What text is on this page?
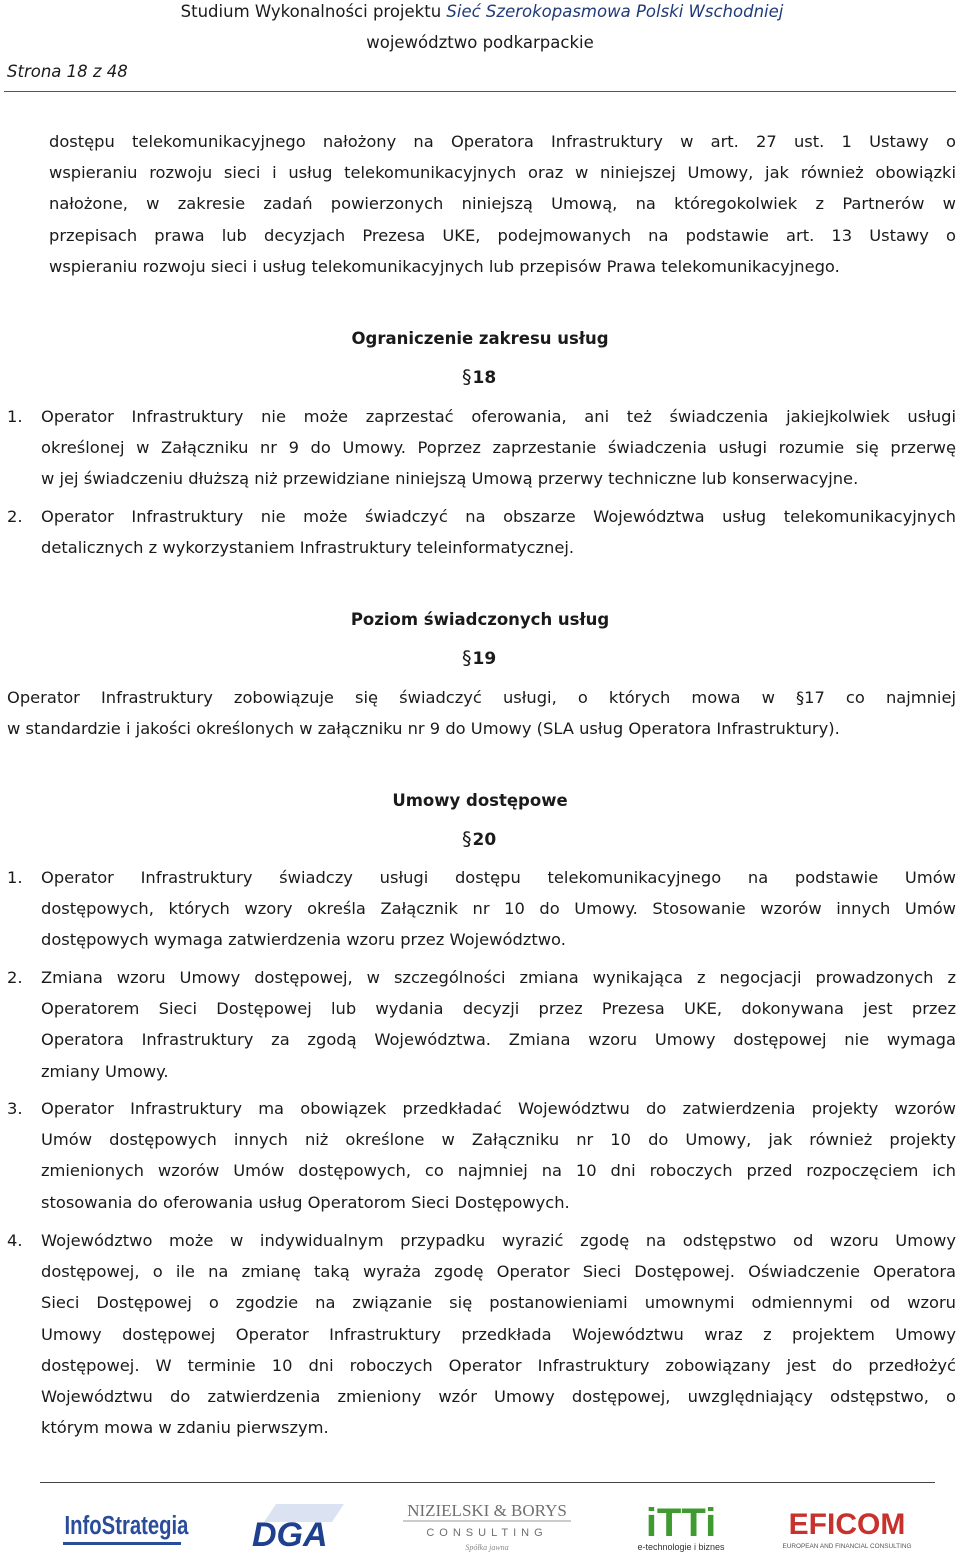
Studium Wykonalności projektu Sieć Szerokopasmowa Polski Wschodniej
województwo podkarpackie
Strona 18 z 48
dostępu telekomunikacyjnego nałożony na Operatora Infrastruktury w art. 27 ust. 1 Ustawy o
wspieraniu rozwoju sieci i usług telekomunikacyjnych oraz w niniejszej Umowy, jak również obowiązki
nałożone, w zakresie zadań powierzonych niniejszą Umową, na któregokolwiek z Partnerów w
przepisach prawa lub decyzjach Prezesa UKE, podejmowanych na podstawie art. 13 Ustawy o
wspieraniu rozwoju sieci i usług telekomunikacyjnych lub przepisów Prawa telekomunikacyjnego.
Ograniczenie zakresu usług
§18
1. Operator Infrastruktury nie może zaprzestać oferowania, ani też świadczenia jakiejkolwiek usługi
określonej w Załączniku nr 9 do Umowy. Poprzez zaprzestanie świadczenia usługi rozumie się przerwę
w jej świadczeniu dłuższą niż przewidziane niniejszą Umową przerwy techniczne lub konserwacyjne.
2. Operator Infrastruktury nie może świadczyć na obszarze Województwa usług telekomunikacyjnych
detalicznych z wykorzystaniem Infrastruktury teleinformatycznej.
Poziom świadczonych usług
§19
Operator Infrastruktury zobowiązuje się świadczyć usługi, o których mowa w §17 co najmniej
w standardzie i jakości określonych w załączniku nr 9 do Umowy (SLA usług Operatora Infrastruktury).
Umowy dostępowe
§20
1. Operator Infrastruktury świadczy usługi dostępu telekomunikacyjnego na podstawie Umów
dostępowych, których wzory określa Załącznik nr 10 do Umowy. Stosowanie wzorów innych Umów
dostępowych wymaga zatwierdzenia wzoru przez Województwo.
2. Zmiana wzoru Umowy dostępowej, w szczególności zmiana wynikająca z negocjacji prowadzonych z
Operatorem Sieci Dostępowej lub wydania decyzji przez Prezesa UKE, dokonywana jest przez
Operatora Infrastruktury za zgodą Województwa. Zmiana wzoru Umowy dostępowej nie wymaga
zmiany Umowy.
3. Operator Infrastruktury ma obowiązek przedkładać Województwu do zatwierdzenia projekty wzorów
Umów dostępowych innych niż określone w Załączniku nr 10 do Umowy, jak również projekty
zmienionych wzorów Umów dostępowych, co najmniej na 10 dni roboczych przed rozpoczęciem ich
stosowania do oferowania usług Operatorom Sieci Dostępowych.
4. Województwo może w indywidualnym przypadku wyrazić zgodę na odstępstwo od wzoru Umowy
dostępowej, o ile na zmianę taką wyraża zgodę Operator Sieci Dostępowej. Oświadczenie Operatora
Sieci Dostępowej o zgodzie na związanie się postanowieniami umownymi odmiennymi od wzoru
Umowy dostępowej Operator Infrastruktury przedkłada Województwu wraz z projektem Umowy
dostępowej. W terminie 10 dni roboczych Operator Infrastruktury zobowiązany jest do przedłożyć
Województwu do zatwierdzenia zmieniony wzór Umowy dostępowej, uwzględniający odstępstwo, o
którym mowa w zdaniu pierwszym.
InfoStrategia DGA
NIZIELSKI & BORYS
CONSULTING
Spółka jawna
iTTi
e-technologie i biznes
EFICOM
EUROPEAN AND FINANCIAL CONSULTING
